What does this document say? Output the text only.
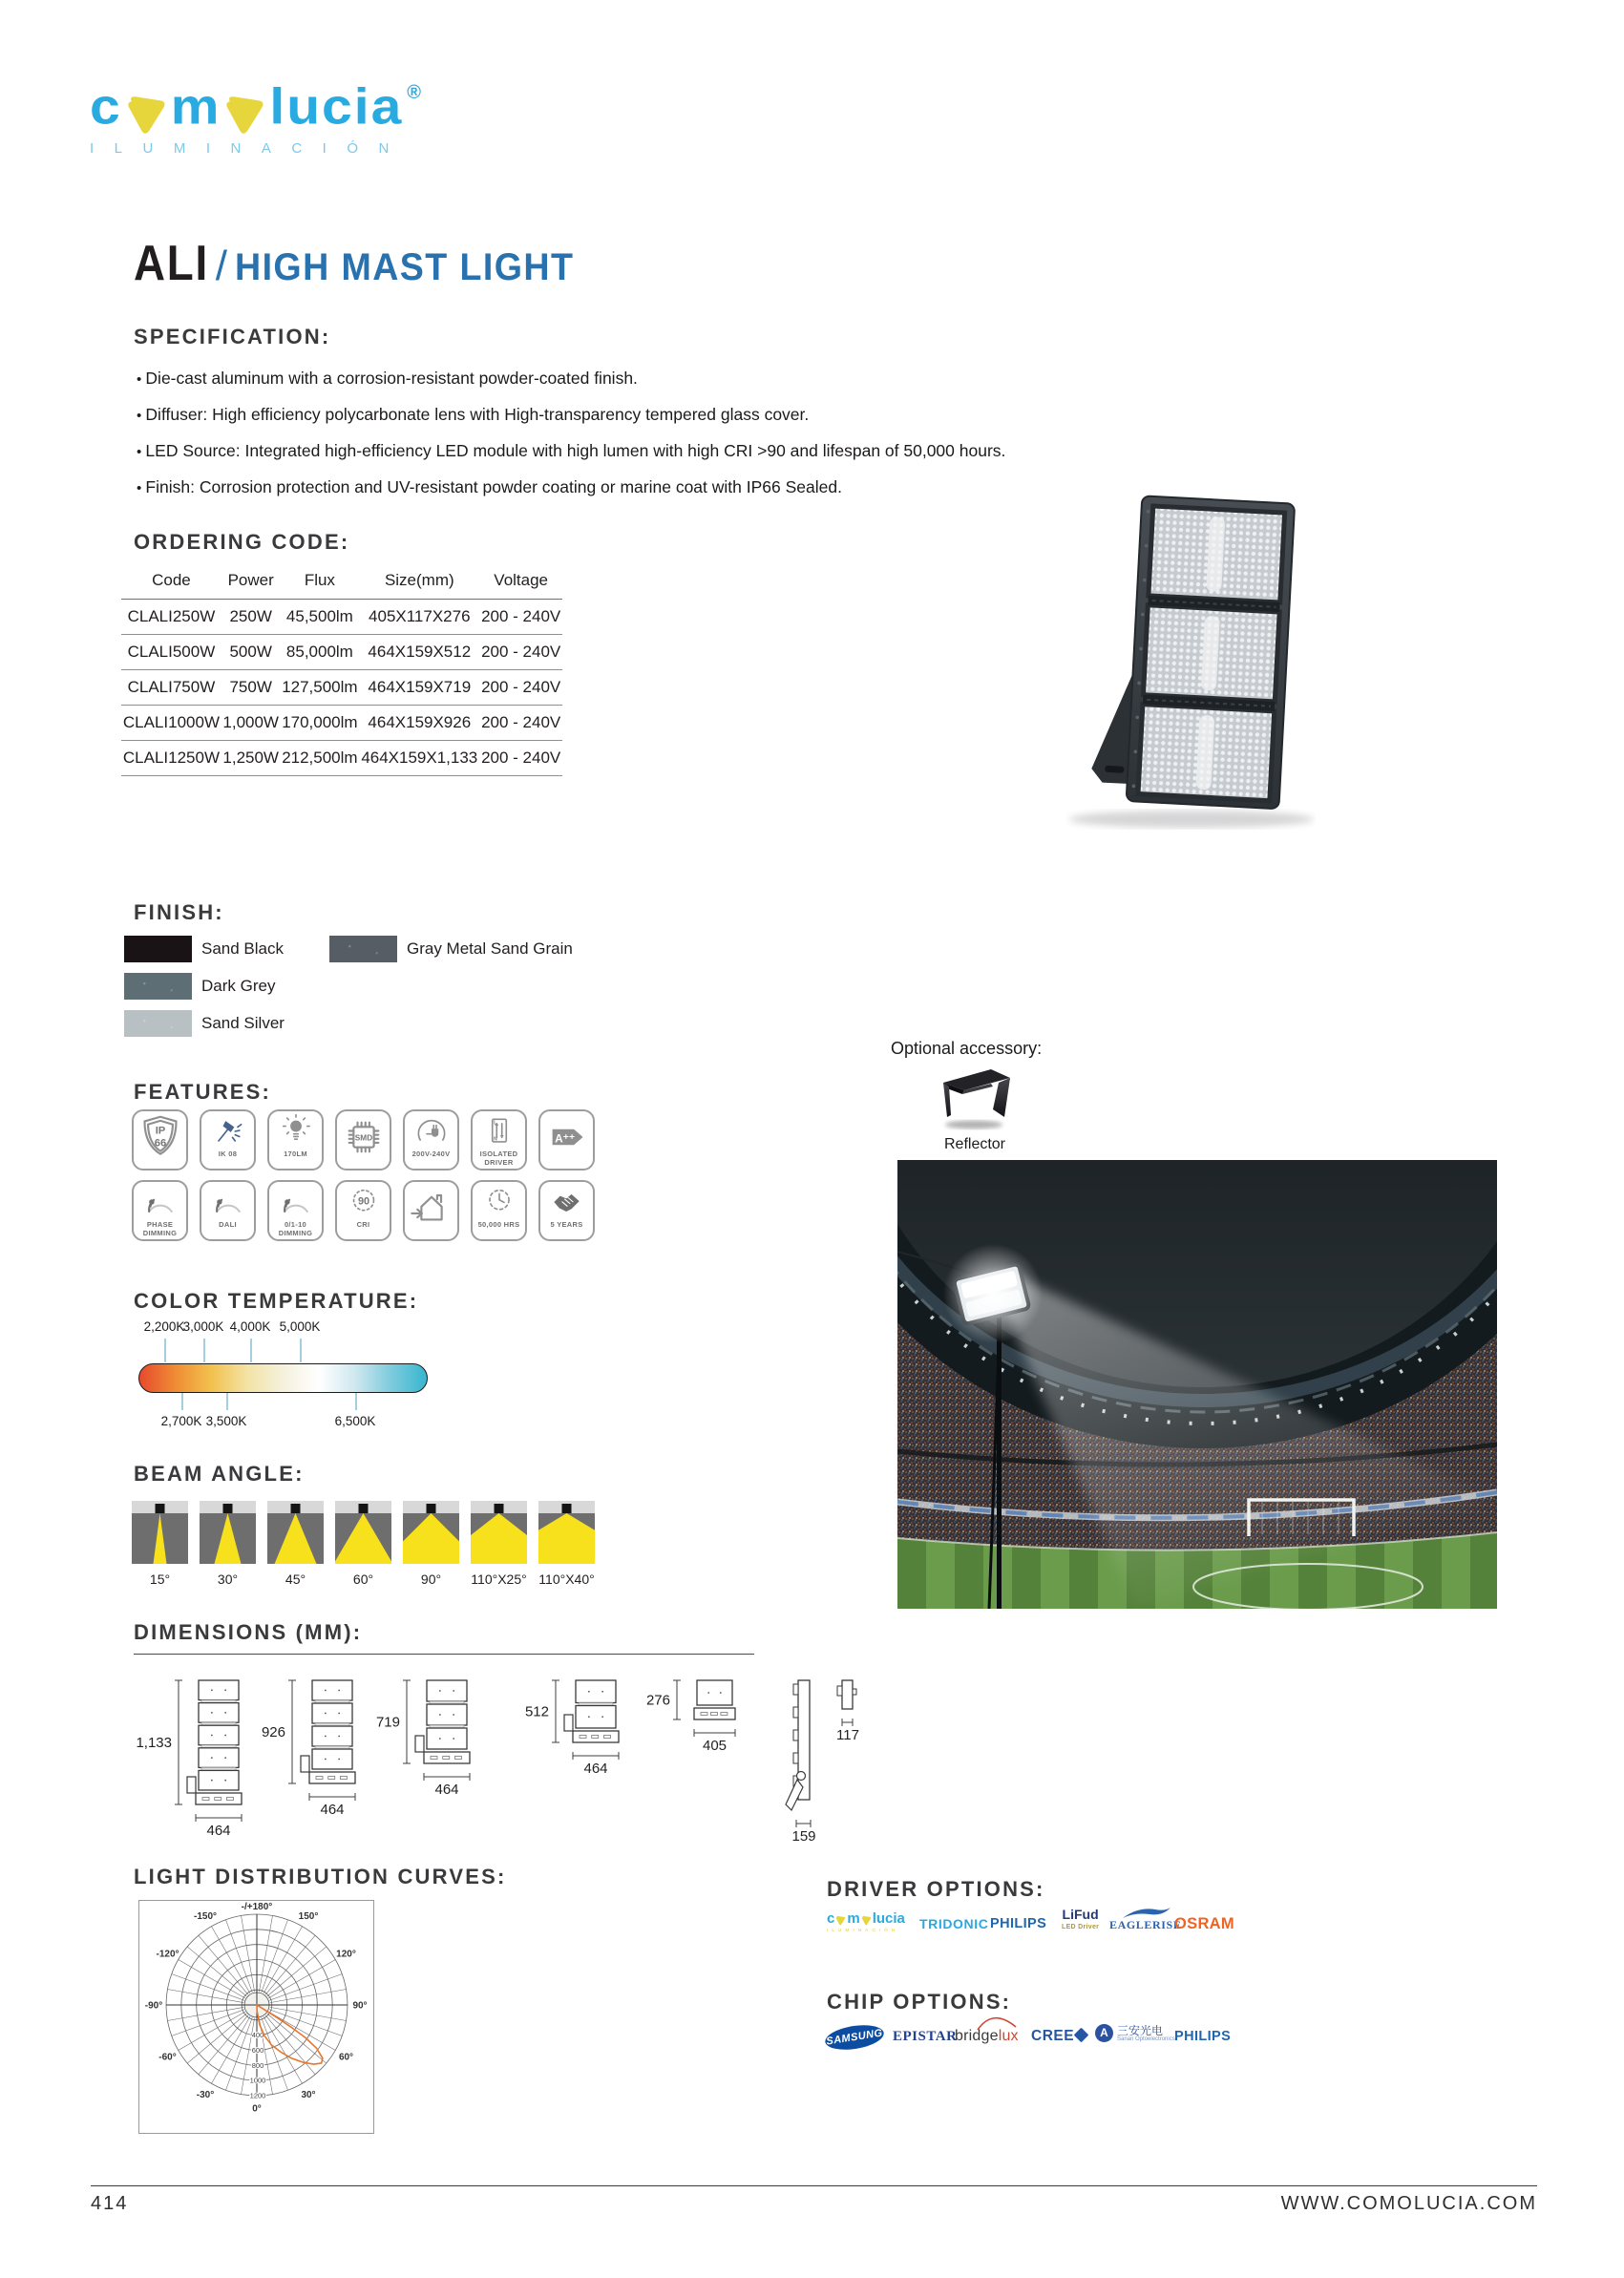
c m lucia ®
ILUMINACIÓN
ALI / HIGH MAST LIGHT
SPECIFICATION:
• Die-cast aluminum with a corrosion-resistant powder-coated finish.
• Diffuser: High efficiency polycarbonate lens with High-transparency tempered glass cover.
• LED Source: Integrated high-efficiency LED module with high lumen with high CRI >90 and lifespan of 50,000 hours.
• Finish: Corrosion protection and UV-resistant powder coating or marine coat with IP66 Sealed.
ORDERING CODE:
Code	Power	Flux	Size(mm)	Voltage
CLALI250W	250W	45,500lm	405X117X276	200 - 240V
CLALI500W	500W	85,000lm	464X159X512	200 - 240V
CLALI750W	750W	127,500lm	464X159X719	200 - 240V
CLALI1000W	1,000W	170,000lm	464X159X926	200 - 240V
CLALI1250W	1,250W	212,500lm	464X159X1,133	200 - 240V
FINISH:
Sand Black
Dark Grey
Sand Silver
Gray Metal Sand Grain
Optional accessory:
Reflector
FEATURES:
IP
66
IK 08	170LM
SMD
200V-240V
L
N
ISOLATED DRIVER
A⁺⁺
PHASE DIMMING
DALI	0/1-10 DIMMING
90
CRI	50,000 HRS	5 YEARS
COLOR TEMPERATURE:
2,200K
3,000K 4,000K 5,000K
2,700K 3,500K	6,500K
BEAM ANGLE:
15°	30°	45°	60°	90°	110°X25° 110°X40°
DIMENSIONS (MM):
1,133
464
926
464
719
464
512
464
276
405
159
117
LIGHT DISTRIBUTION CURVES:
0°
30°
60°
90°
120°
150°
-30°
-60°
-90°
-120°
-150°
-/+180°
400
600
800
1000
1200
DRIVER OPTIONS:
c m lucia
ILUMINACIÓN	TRIDONIC PHILIPS
LiFud
LED Driver EAGLERISE
OSRAM
CHIP OPTIONS:
SAMSUNG EPISTAR
bridgelux CREE	A 三安光电
Sanan Optoelectronics PHILIPS
414	WWW.COMOLUCIA.COM
